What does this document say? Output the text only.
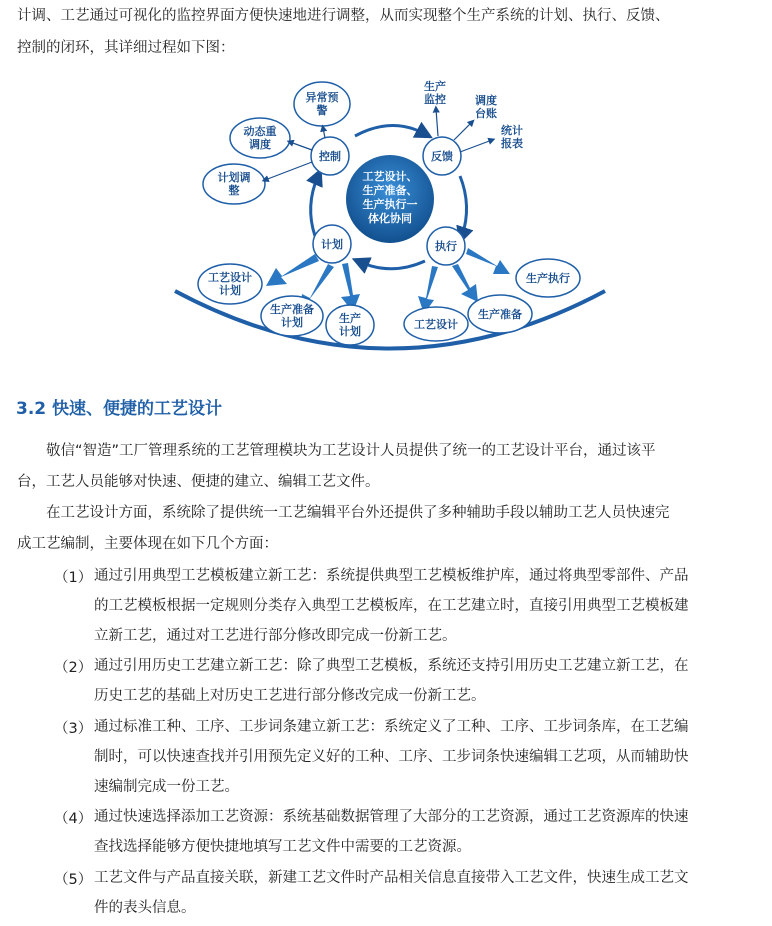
计调、工艺通过可视化的监控界面方便快速地进行调整，从而实现整个生产系统的计划、执行、反馈、
控制的闭环，其详细过程如下图：
工艺设计、
生产准备、
生产执行一
体化协同
控制	反馈
计划	执行
异常预
警
动态重
调度
计划调
整
生产
监控	调度
台账
统计
报表
工艺设计
计划
生产准备
计划	生产
计划
工艺设计
生产准备
生产执行
3.2 快速、便捷的工艺设计
敬信“智造”工厂管理系统的工艺管理模块为工艺设计人员提供了统一的工艺设计平台，通过该平
台，工艺人员能够对快速、便捷的建立、编辑工艺文件。
在工艺设计方面，系统除了提供统一工艺编辑平台外还提供了多种辅助手段以辅助工艺人员快速完
成工艺编制，主要体现在如下几个方面：
（1） 通过引用典型工艺模板建立新工艺：系统提供典型工艺模板维护库，通过将典型零部件、产品
的工艺模板根据一定规则分类存入典型工艺模板库，在工艺建立时，直接引用典型工艺模板建
立新工艺，通过对工艺进行部分修改即完成一份新工艺。
（2） 通过引用历史工艺建立新工艺：除了典型工艺模板，系统还支持引用历史工艺建立新工艺，在
历史工艺的基础上对历史工艺进行部分修改完成一份新工艺。
（3） 通过标准工种、工序、工步词条建立新工艺：系统定义了工种、工序、工步词条库，在工艺编
制时，可以快速查找并引用预先定义好的工种、工序、工步词条快速编辑工艺项，从而辅助快
速编制完成一份工艺。
（4） 通过快速选择添加工艺资源：系统基础数据管理了大部分的工艺资源，通过工艺资源库的快速
查找选择能够方便快捷地填写工艺文件中需要的工艺资源。
（5） 工艺文件与产品直接关联，新建工艺文件时产品相关信息直接带入工艺文件，快速生成工艺文
件的表头信息。
